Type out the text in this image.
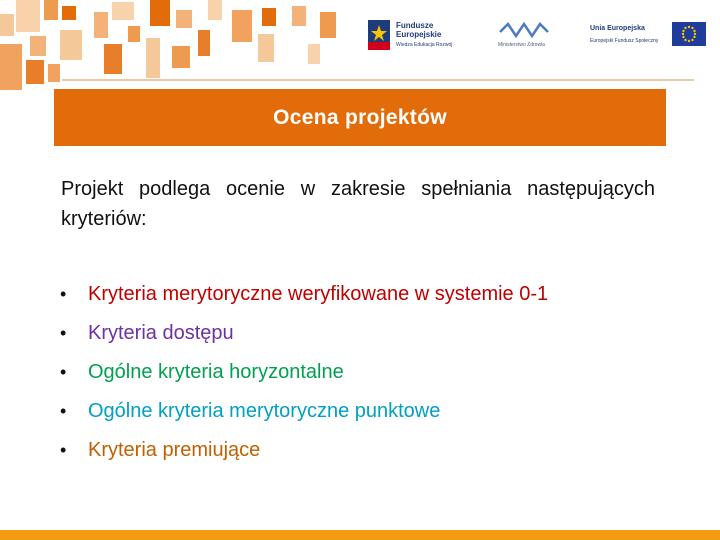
Fundusze Europejskie
Wiedza Edukacja Rozwój	Ministerstwo Zdrowia
Unia Europejska
Europejski Fundusz Społeczny
Ocena projektów
Projekt podlega ocenie w zakresie spełniania następujących kryteriów:
• Kryteria merytoryczne weryfikowane w systemie 0-1
• Kryteria dostępu
• Ogólne kryteria horyzontalne
• Ogólne kryteria merytoryczne punktowe
• Kryteria premiujące
